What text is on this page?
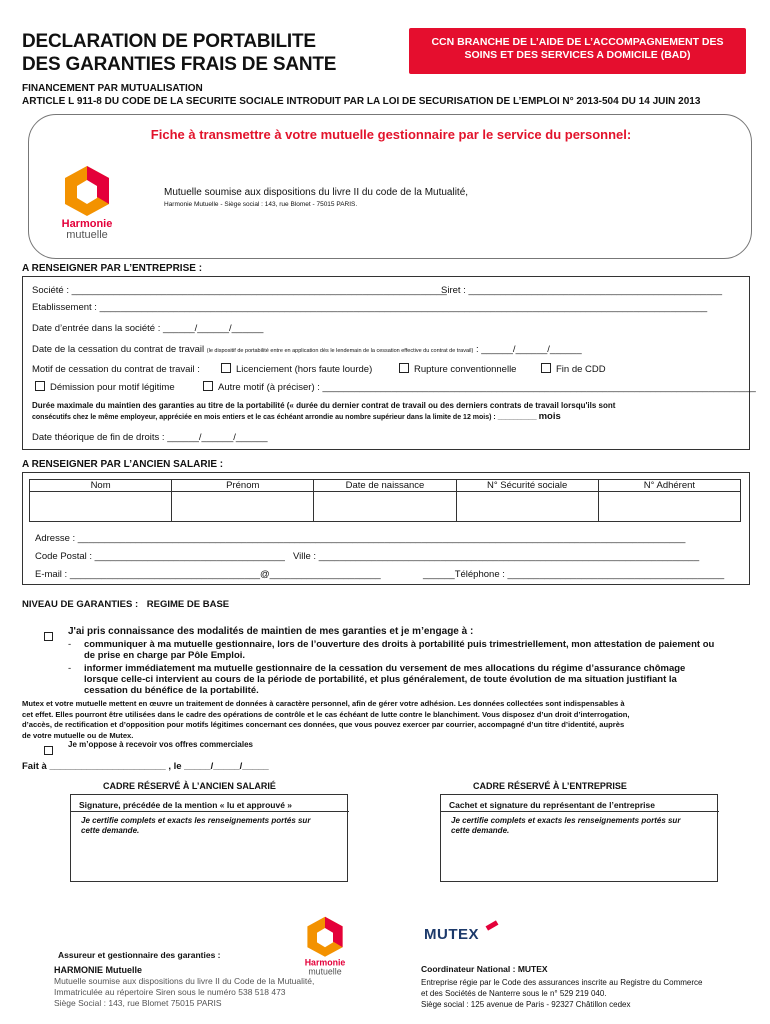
DECLARATION DE PORTABILITE
DES GARANTIES FRAIS DE SANTE
CCN BRANCHE DE L’AIDE DE L’ACCOMPAGNEMENT DES
SOINS ET DES SERVICES A DOMICILE (BAD)
FINANCEMENT PAR MUTUALISATION
ARTICLE L 911-8 DU CODE DE LA SECURITE SOCIALE INTRODUIT PAR LA LOI DE SECURISATION DE L’EMPLOI N° 2013-504 DU 14 JUIN 2013
Fiche à transmettre à votre mutuelle gestionnaire par le service du personnel:
Harmonie
mutuelle
Mutuelle soumise aux dispositions du livre II du code de la Mutualité,
Harmonie Mutuelle - Siège social : 143, rue Blomet - 75015 PARIS.
A RENSEIGNER PAR L’ENTREPRISE :
Société : _______________________________________________________________________
Siret : ________________________________________________
Etablissement : ___________________________________________________________________________________________________________________
Date d’entrée dans la société : ______/______/______
Date de la cessation du contrat de travail (le dispositif de portabilité entre en application dès le lendemain de la cessation effective du contrat de travail) : ______/______/______
Motif de cessation du contrat de travail :	Licenciement (hors faute lourde)	Rupture conventionnelle	Fin de CDD
Démission pour motif légitime	Autre motif (à préciser) : __________________________________________________________________________________
Durée maximale du maintien des garanties au titre de la portabilité (« durée du dernier contrat de travail ou des derniers contrats de travail lorsqu'ils sont
consécutifs chez le même employeur, appréciée en mois entiers et le cas échéant arrondie au nombre supérieur dans la limite de 12 mois) : __________ mois
Date théorique de fin de droits : ______/______/______
A RENSEIGNER PAR L’ANCIEN SALARIE :
Nom	Prénom	Date de naissance	N° Sécurité sociale	N° Adhérent

Adresse : ___________________________________________________________________________________________________________________
Code Postal : ____________________________________ Ville : ________________________________________________________________________
E-mail : ____________________________________@_____________________	______Téléphone : _________________________________________
NIVEAU DE GARANTIES : REGIME DE BASE
J'ai pris connaissance des modalités de maintien de mes garanties et je m’engage à :
-	communiquer à ma mutuelle gestionnaire, lors de l’ouverture des droits à portabilité puis trimestriellement, mon attestation de paiement ou
de prise en charge par Pôle Emploi.
-	informer immédiatement ma mutuelle gestionnaire de la cessation du versement de mes allocations du régime d’assurance chômage
lorsque celle-ci intervient au cours de la période de portabilité, et plus généralement, de toute évolution de ma situation justifiant la
cessation du bénéfice de la portabilité.
Mutex et votre mutuelle mettent en œuvre un traitement de données à caractère personnel, afin de gérer votre adhésion. Les données collectées sont indispensables à
cet effet. Elles pourront être utilisées dans le cadre des opérations de contrôle et le cas échéant de lutte contre le blanchiment. Vous disposez d’un droit d’interrogation,
d’accès, de rectification et d’opposition pour motifs légitimes concernant ces données, que vous pouvez exercer par courrier, accompagné d’un titre d’identité, auprès
de votre mutuelle ou de Mutex.
Je m’oppose à recevoir vos offres commerciales
Fait à ______________________ , le _____/_____/_____
CADRE RÉSERVÉ À L’ANCIEN SALARIÉ	CADRE RÉSERVÉ À L’ENTREPRISE
Signature, précédée de la mention « lu et approuvé »
Je certifie complets et exacts les renseignements portés sur
cette demande.
Cachet et signature du représentant de l’entreprise
Je certifie complets et exacts les renseignements portés sur
cette demande.
Harmonie
mutuelle
Assureur et gestionnaire des garanties :
HARMONIE Mutuelle
Mutuelle soumise aux dispositions du livre II du Code de la Mutualité,
Immatriculée au répertoire Siren sous le numéro 538 518 473
Siège Social : 143, rue Blomet 75015 PARIS
MUTEX
Coordinateur National : MUTEX
Entreprise régie par le Code des assurances inscrite au Registre du Commerce
et des Sociétés de Nanterre sous le n° 529 219 040.
Siège social : 125 avenue de Paris - 92327 Châtillon cedex
